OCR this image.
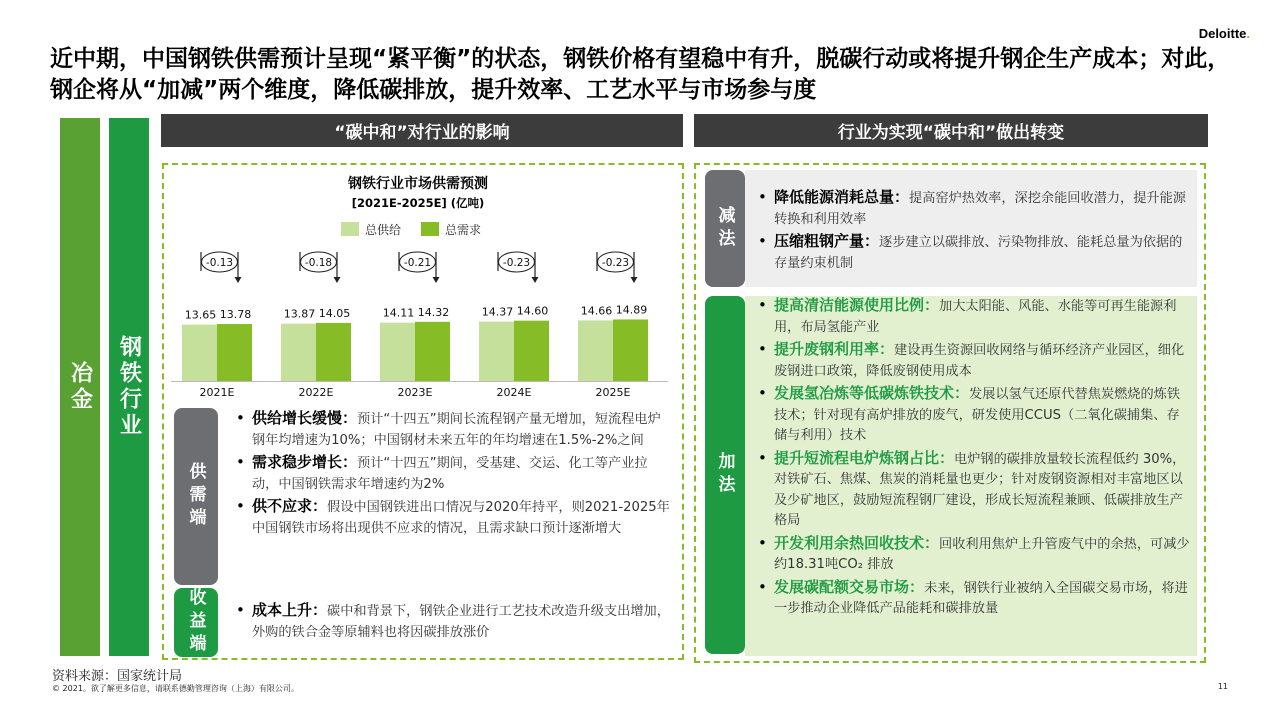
Deloitte.
近中期，中国钢铁供需预计呈现“紧平衡”的状态，钢铁价格有望稳中有升，脱碳行动或将提升钢企生产成本；对此，钢企将从“加减”两个维度，降低碳排放，提升效率、工艺水平与市场参与度
冶金	钢铁行业
“碳中和”对行业的影响	行业为实现“碳中和”做出转变
钢铁行业市场供需预测
[2021E-2025E] (亿吨)
总供给	总需求
13.65 13.78
2021E
-0.13
13.87 14.05
2022E
-0.18
14.11 14.32
2023E
-0.21
14.37 14.60
2024E
-0.23
14.66 14.89
2025E
-0.23
供需端
• 供给增长缓慢：预计“十四五”期间长流程钢产量无增加，短流程电炉钢年均增速为10%；中国钢材未来五年的年均增速在1.5%-2%之间
• 需求稳步增长：预计“十四五”期间，受基建、交运、化工等产业拉动，中国钢铁需求年增速约为2%
• 供不应求：假设中国钢铁进出口情况与2020年持平，则2021-2025年中国钢铁市场将出现供不应求的情况，且需求缺口预计逐渐增大
收益端
•	成本上升：碳中和背景下，钢铁企业进行工艺技术改造升级支出增加，外购的铁合金等原辅料也将因碳排放涨价
减法
• 降低能源消耗总量：提高窑炉热效率，深挖余能回收潜力，提升能源转换和利用效率
• 压缩粗钢产量：逐步建立以碳排放、污染物排放、能耗总量为依据的存量约束机制
加法
• 提高清洁能源使用比例：加大太阳能、风能、水能等可再生能源利用，布局氢能产业
• 提升废钢利用率：建设再生资源回收网络与循环经济产业园区，细化废钢进口政策，降低废钢使用成本
• 发展氢冶炼等低碳炼铁技术：发展以氢气还原代替焦炭燃烧的炼铁技术；针对现有高炉排放的废气，研发使用CCUS（二氧化碳捕集、存储与利用）技术
• 提升短流程电炉炼钢占比：电炉钢的碳排放量较长流程低约 30%，对铁矿石、焦煤、焦炭的消耗量也更少；针对废钢资源相对丰富地区以及少矿地区，鼓励短流程钢厂建设，形成长短流程兼顾、低碳排放生产格局
• 开发利用余热回收技术：回收利用焦炉上升管废气中的余热，可减少约18.31吨CO₂ 排放
• 发展碳配额交易市场：未来，钢铁行业被纳入全国碳交易市场，将进一步推动企业降低产品能耗和碳排放量
资料来源：国家统计局
© 2021。欲了解更多信息，请联系德勤管理咨询（上海）有限公司。	11
